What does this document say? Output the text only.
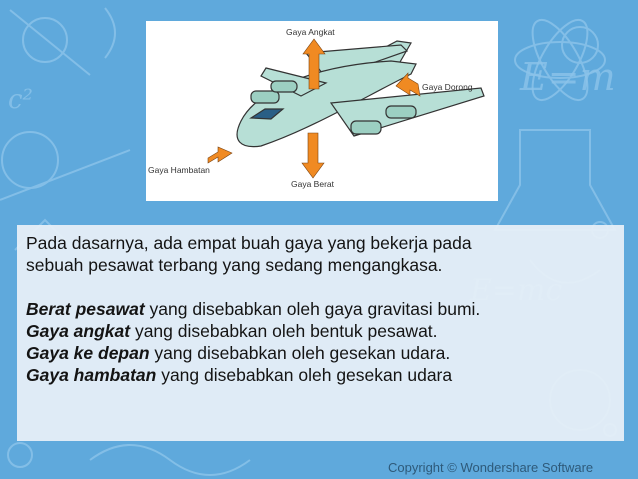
E=m
c²
Gaya Angkat
Gaya Dorong
Gaya Hambatan
Gaya Berat
Pada dasarnya, ada empat buah gaya yang bekerja pada
sebuah pesawat terbang yang sedang mengangkasa.
Berat pesawat yang disebabkan oleh gaya gravitasi bumi.
Gaya angkat yang disebabkan oleh bentuk pesawat.
Gaya ke depan yang disebabkan oleh gesekan udara.
Gaya hambatan yang disebabkan oleh gesekan udara
Copyright © Wondershare Software
